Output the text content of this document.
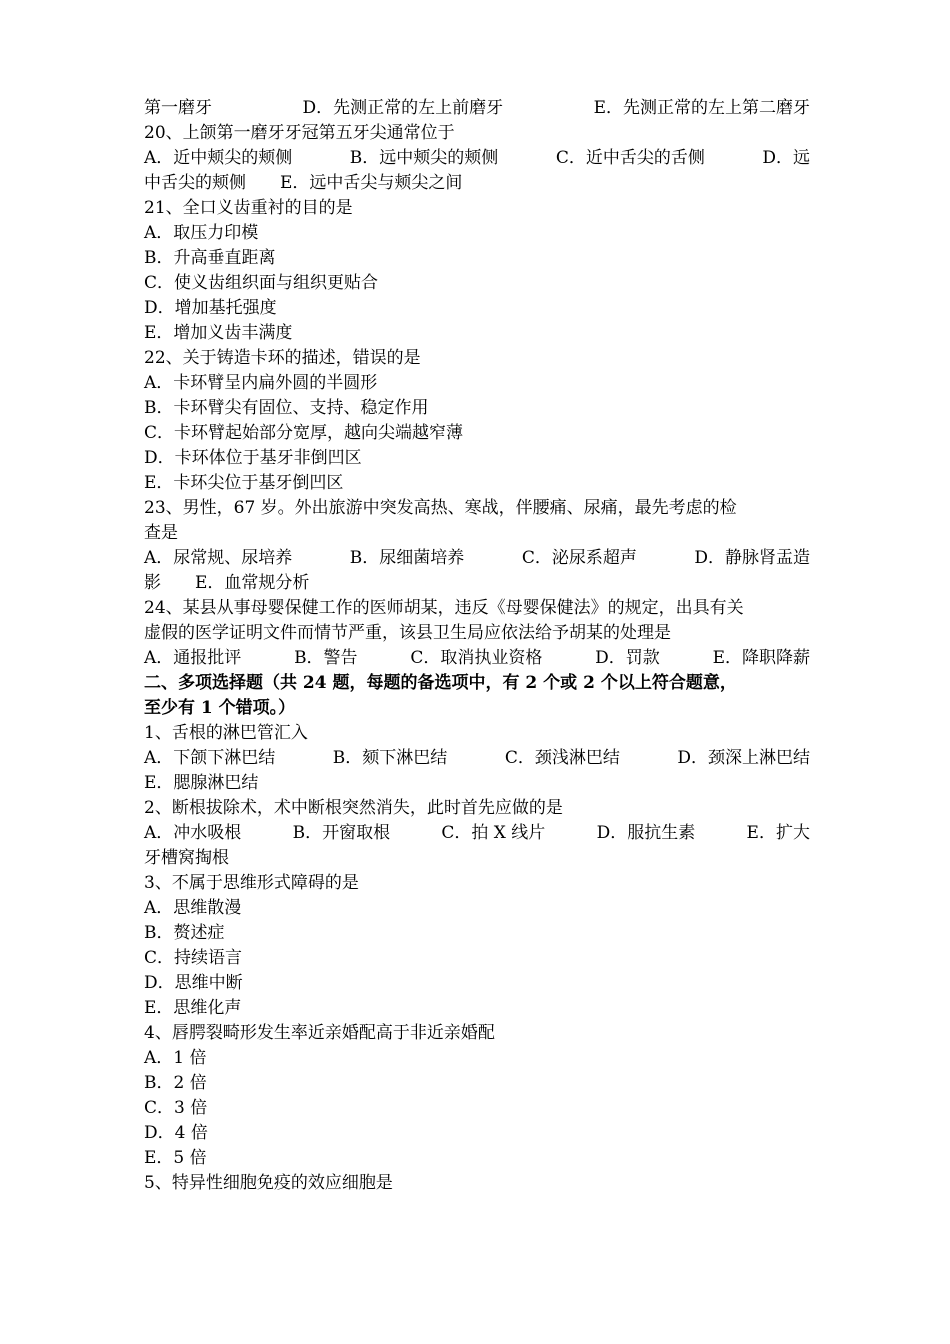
第一磨牙	D．先测正常的左上前磨牙	E．先测正常的左上第二磨牙
20、上颌第一磨牙牙冠第五牙尖通常位于
A．近中颊尖的颊侧	B．远中颊尖的颊侧	C．近中舌尖的舌侧	D．远
中舌尖的颊侧　　E．远中舌尖与颊尖之间
21、全口义齿重衬的目的是
A．取压力印模
B．升高垂直距离
C．使义齿组织面与组织更贴合
D．增加基托强度
E．增加义齿丰满度
22、关于铸造卡环的描述，错误的是
A．卡环臂呈内扁外圆的半圆形
B．卡环臂尖有固位、支持、稳定作用
C．卡环臂起始部分宽厚，越向尖端越窄薄
D．卡环体位于基牙非倒凹区
E．卡环尖位于基牙倒凹区
23、男性，67 岁。外出旅游中突发高热、寒战，伴腰痛、尿痛，最先考虑的检
查是
A．尿常规、尿培养	B．尿细菌培养	C．泌尿系超声	D．静脉肾盂造
影　　E．血常规分析
24、某县从事母婴保健工作的医师胡某，违反《母婴保健法》的规定，出具有关
虚假的医学证明文件而情节严重，该县卫生局应依法给予胡某的处理是
A．通报批评	B．警告	C．取消执业资格	D．罚款	E．降职降薪
二、多项选择题（共 24 题，每题的备选项中，有 2 个或 2 个以上符合题意，
至少有 1 个错项。）
1、舌根的淋巴管汇入
A．下颌下淋巴结	B．颏下淋巴结	C．颈浅淋巴结	D．颈深上淋巴结
E．腮腺淋巴结
2、断根拔除术，术中断根突然消失，此时首先应做的是
A．冲水吸根	B．开窗取根	C．拍 X 线片	D．服抗生素	E．扩大
牙槽窝掏根
3、不属于思维形式障碍的是
A．思维散漫
B．赘述症
C．持续语言
D．思维中断
E．思维化声
4、唇腭裂畸形发生率近亲婚配高于非近亲婚配
A．1 倍
B．2 倍
C．3 倍
D．4 倍
E．5 倍
5、特异性细胞免疫的效应细胞是
